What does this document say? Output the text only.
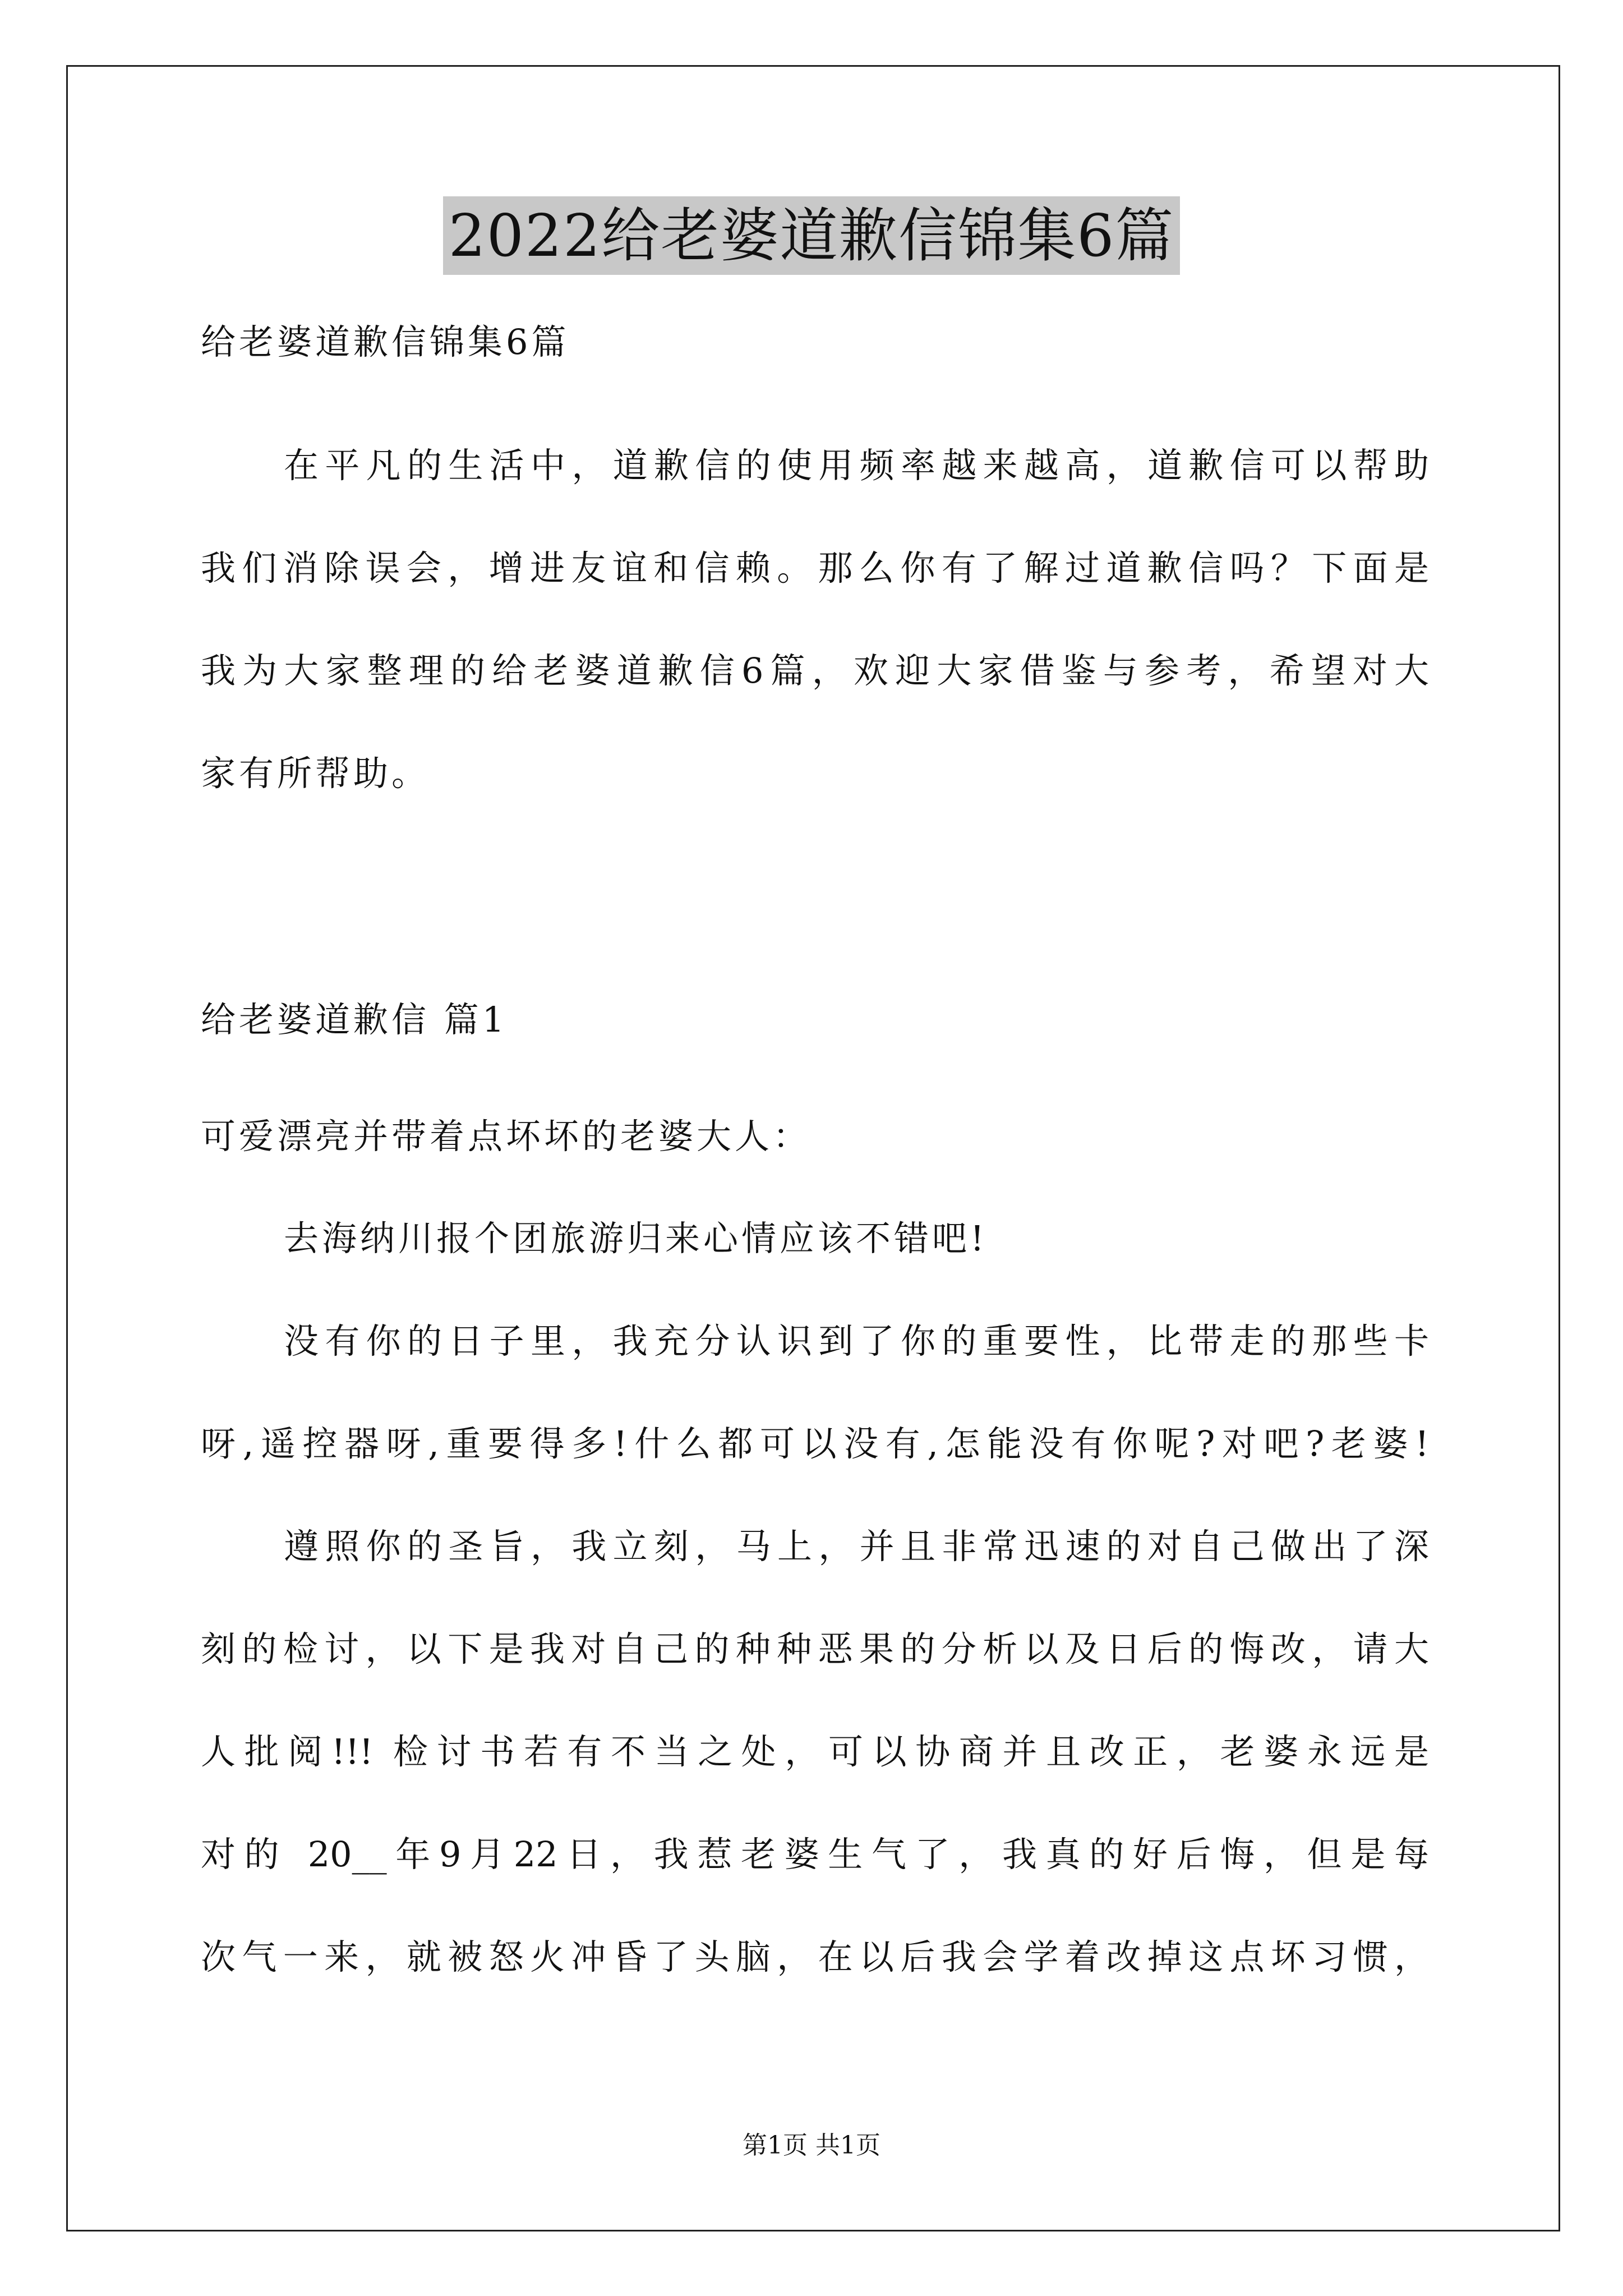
2022给老婆道歉信锦集6篇
给老婆道歉信锦集6篇
在平凡的生活中，道歉信的使用频率越来越高，道歉信可以帮助
我们消除误会，增进友谊和信赖。那么你有了解过道歉信吗？下面是
我为大家整理的给老婆道歉信6篇，欢迎大家借鉴与参考，希望对大
家有所帮助。
给老婆道歉信 篇1
可爱漂亮并带着点坏坏的老婆大人：
去海纳川报个团旅游归来心情应该不错吧!
没有你的日子里，我充分认识到了你的重要性，比带走的那些卡
呀,遥控器呀,重要得多!什么都可以没有,怎能没有你呢?对吧?老婆!
遵照你的圣旨，我立刻，马上，并且非常迅速的对自己做出了深
刻的检讨，以下是我对自己的种种恶果的分析以及日后的悔改，请大
人批阅!!! 检讨书若有不当之处，可以协商并且改正，老婆永远是
对的 20__年9月22日，我惹老婆生气了，我真的好后悔，但是每
次气一来，就被怒火冲昏了头脑，在以后我会学着改掉这点坏习惯，
第1页 共1页
